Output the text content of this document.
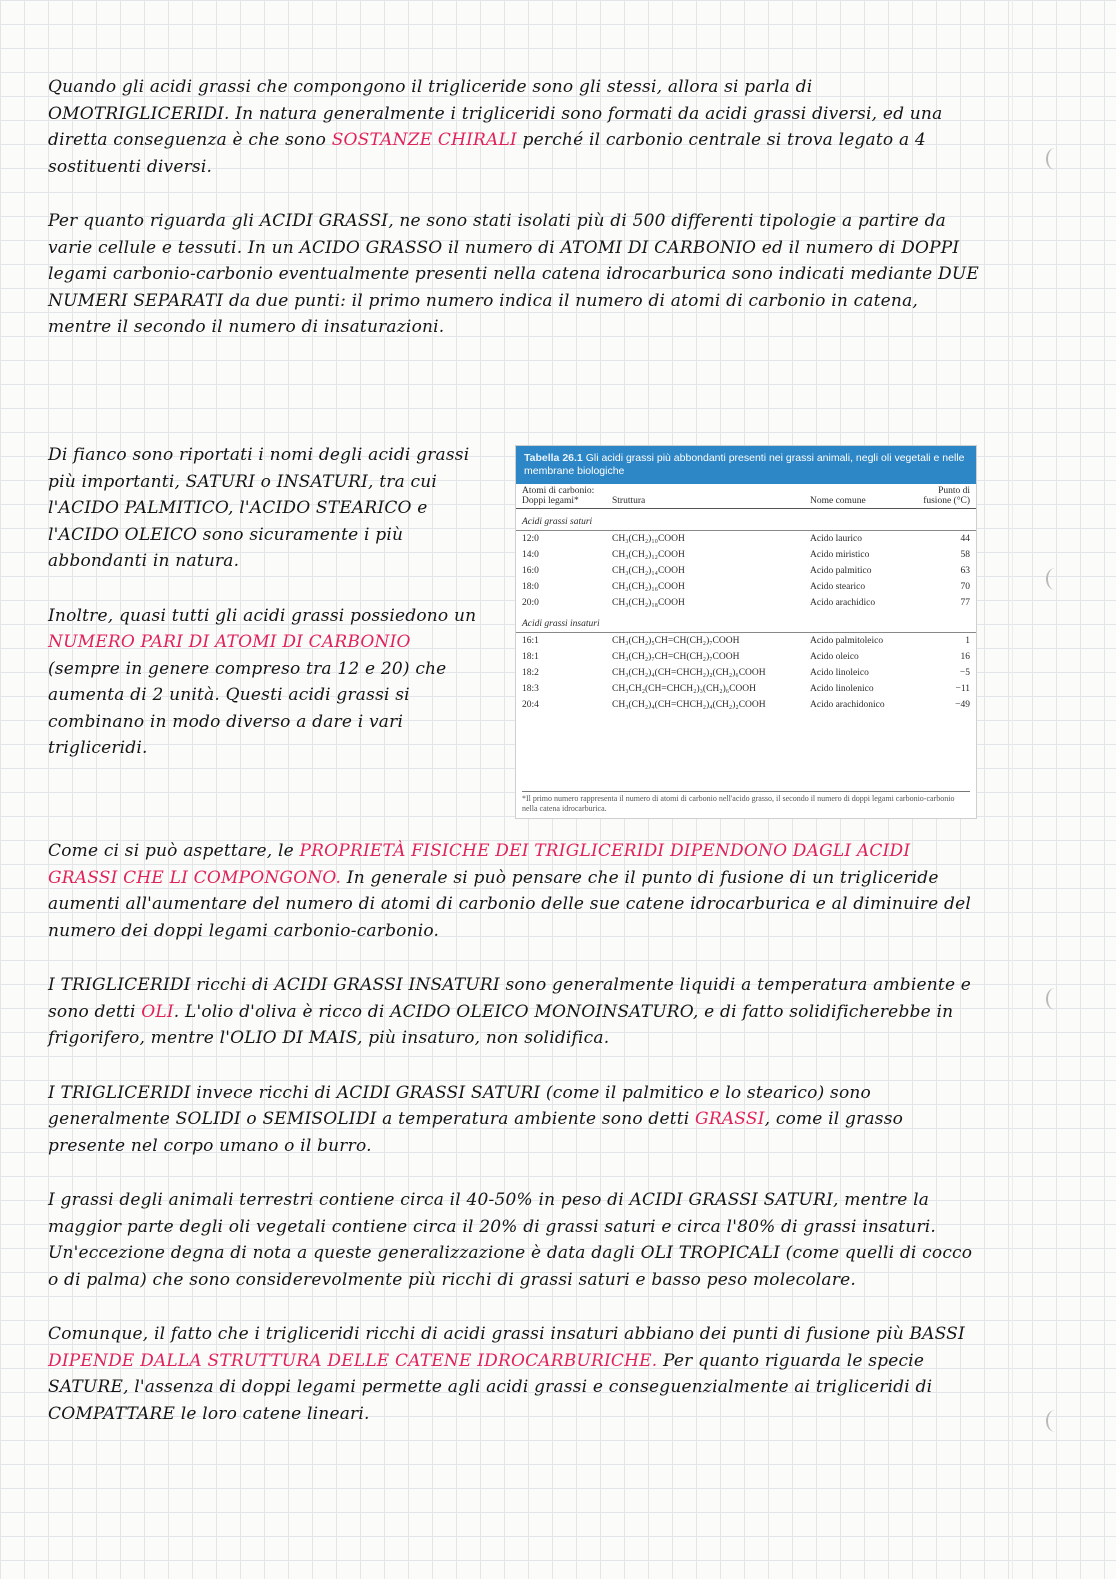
Quando gli acidi grassi che compongono il trigliceride sono gli stessi, allora si parla di OMOTRIGLICERIDI. In natura generalmente i trigliceridi sono formati da acidi grassi diversi, ed una diretta conseguenza è che sono SOSTANZE CHIRALI perché il carbonio centrale si trova legato a 4 sostituenti diversi.

Per quanto riguarda gli ACIDI GRASSI, ne sono stati isolati più di 500 differenti tipologie a partire da varie cellule e tessuti. In un ACIDO GRASSO il numero di ATOMI DI CARBONIO ed il numero di DOPPI legami carbonio-carbonio eventualmente presenti nella catena idrocarburica sono indicati mediante DUE NUMERI SEPARATI da due punti: il primo numero indica il numero di atomi di carbonio in catena, mentre il secondo il numero di insaturazioni.

Di fianco sono riportati i nomi degli acidi grassi più importanti, SATURI o INSATURI, tra cui l'ACIDO PALMITICO, l'ACIDO STEARICO e l'ACIDO OLEICO sono sicuramente i più abbondanti in natura.

Inoltre, quasi tutti gli acidi grassi possiedono un NUMERO PARI DI ATOMI DI CARBONIO (sempre in genere compreso tra 12 e 20) che aumenta di 2 unità. Questi acidi grassi si combinano in modo diverso a dare i vari trigliceridi.

Tabella 26.1 Gli acidi grassi più abbondanti presenti nei grassi animali, negli oli vegetali e nelle membrane biologiche
Atomi di carbonio: Doppi legami*	Struttura	Nome comune	Punto di fusione (°C)
Acidi grassi saturi			
12:0	CH₃(CH₂)₁₀COOH	Acido laurico	44
14:0	CH₃(CH₂)₁₂COOH	Acido miristico	58
16:0	CH₃(CH₂)₁₄COOH	Acido palmitico	63
18:0	CH₃(CH₂)₁₆COOH	Acido stearico	70
20:0	CH₃(CH₂)₁₈COOH	Acido arachidico	77
Acidi grassi insaturi			
16:1	CH₃(CH₂)₅CH=CH(CH₂)₇COOH	Acido palmitoleico	1
18:1	CH₃(CH₂)₇CH=CH(CH₂)₇COOH	Acido oleico	16
18:2	CH₃(CH₂)₄(CH=CHCH₂)₂(CH₂)₆COOH	Acido linoleico	−5
18:3	CH₃CH₂(CH=CHCH₂)₃(CH₂)₆COOH	Acido linolenico	−11
20:4	CH₃(CH₂)₄(CH=CHCH₂)₄(CH₂)₂COOH	Acido arachidonico	−49
*Il primo numero rappresenta il numero di atomi di carbonio nell'acido grasso, il secondo il numero di doppi legami carbonio-carbonio nella catena idrocarburica.

Come ci si può aspettare, le PROPRIETÀ FISICHE DEI TRIGLICERIDI DIPENDONO DAGLI ACIDI GRASSI CHE LI COMPONGONO. In generale si può pensare che il punto di fusione di un trigliceride aumenti all'aumentare del numero di atomi di carbonio delle sue catene idrocarburica e al diminuire del numero dei doppi legami carbonio-carbonio.

I TRIGLICERIDI ricchi di ACIDI GRASSI INSATURI sono generalmente liquidi a temperatura ambiente e sono detti OLI. L'olio d'oliva è ricco di ACIDO OLEICO MONOINSATURO, e di fatto solidificherebbe in frigorifero, mentre l'OLIO DI MAIS, più insaturo, non solidifica.

I TRIGLICERIDI invece ricchi di ACIDI GRASSI SATURI (come il palmitico e lo stearico) sono generalmente SOLIDI o SEMISOLIDI a temperatura ambiente sono detti GRASSI, come il grasso presente nel corpo umano o il burro.

I grassi degli animali terrestri contiene circa il 40-50% in peso di ACIDI GRASSI SATURI, mentre la maggior parte degli oli vegetali contiene circa il 20% di grassi saturi e circa l'80% di grassi insaturi. Un'eccezione degna di nota a queste generalizzazione è data dagli OLI TROPICALI (come quelli di cocco o di palma) che sono considerevolmente più ricchi di grassi saturi e basso peso molecolare.

Comunque, il fatto che i trigliceridi ricchi di acidi grassi insaturi abbiano dei punti di fusione più BASSI DIPENDE DALLA STRUTTURA DELLE CATENE IDROCARBURICHE. Per quanto riguarda le specie SATURE, l'assenza di doppi legami permette agli acidi grassi e conseguenzialmente ai trigliceridi di COMPATTARE le loro catene lineari.
